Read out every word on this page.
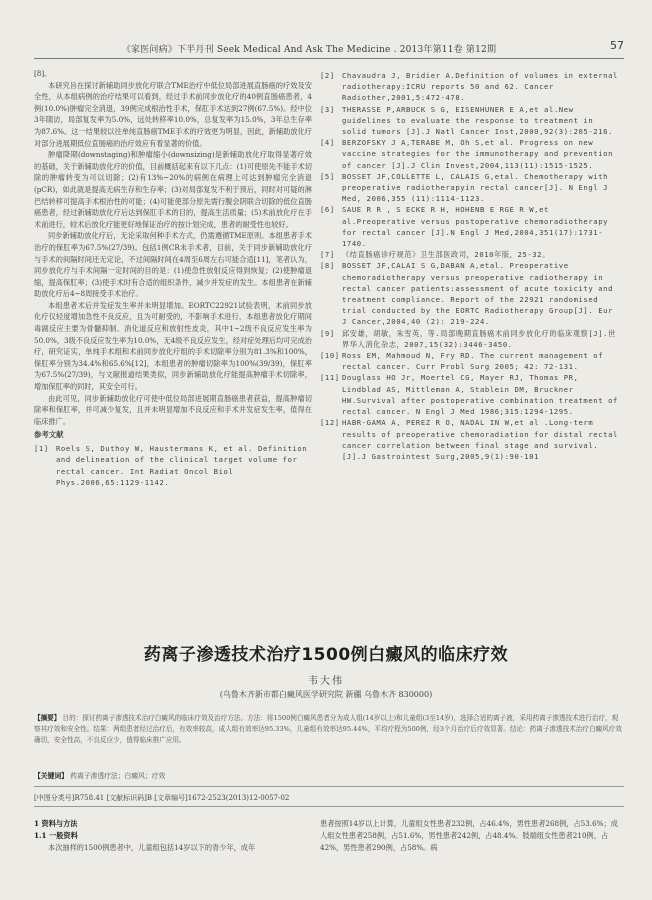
《家医问病》下半月刊 Seek Medical And Ask The Medicine . 2013年第11卷 第12期	57
[8]。
本研究旨在探讨新辅助同步放化疗联合TME治疗中低位局部进展直肠癌的疗效及安全性，从本组病例的治疗结果可以看到，经过手术前同步放化疗的40例直肠癌患者，4例(10.0%)肿瘤完全消退，39例完成根治性手术，保肛手术达到27例(67.5%)。经中位3年随访，局部复发率为5.0%，远处转移率10.0%，总复发率为15.0%，3年总生存率为87.6%。这一结果较以往单纯直肠癌TME手术的疗效更为明显，因此，新辅助放化疗对部分进展期低位直肠癌的治疗效应有着显著的价值。
肿瘤降期(downstaging)和肿瘤缩小(downsizing)是新辅助放化疗取得显著疗效的基础，关于新辅助放化疗的价值，目前概括起来有以下几点：(1)可使原先不能手术切除的肿瘤转变为可以切除；(2)有13%~20%的病例在病理上可达到肿瘤完全消退(pCR)，如此就是提高无病生存和生存率；(3)对局部复发不利于预后，同时对可疑的淋巴结转移可提高手术根治性的可能；(4)可能使部分原先需行腹会阴联合切除的低位直肠癌患者，经过新辅助放化疗后达到保肛手术的目的，提高生活质量；(5)术前放化疗在手术前进行，较术后放化疗能更好地保证治疗的按计划完成，患者的耐受性也较好。
同步新辅助放化疗后，无论采取何种手术方式，仍需遵循TME原则。本组患者手术治疗的保肛率为67.5%(27/39)。包括1例CR未手术者，目前，关于同步新辅助放化疗与手术的间隔时间还无定论，不过间隔时间在4周至6周左右可能合适[11]，笔者认为，同步放化疗与手术间隔一定时间的目的是：(1)使急性放射反应得到恢复；(2)使肿瘤退缩，提高保肛率；(3)使手术时有合适的组织条件，减少并发症的发生。本组患者在新辅助放化疗后4~8周接受手术治疗。
本组患者术后并发症发生率并未明显增加。EORTC22921试验表明，术前同步放化疗仅轻度增加急性不良反应，且为可耐受的，不影响手术进行，本组患者放化疗期间毒副反应主要为骨髓抑制、消化道反应和放射性皮炎，其中1~2级不良反应发生率为50.0%，3级不良反应发生率为10.0%，无4级不良反应发生，经对症处理后均可完成治疗，研究证实，单纯手术组和术前同步放化疗组的手术切除率分别为81.3%和100%，保肛率分别为34.4%和65.6%[12]，本组患者的肿瘤切除率为100%(39/39)，保肛率为67.5%(27/39)，与文献报道结果类似，同步新辅助放化疗能提高肿瘤手术切除率，增加保肛率的同时，其安全可行。
由此可见，同步新辅助放化疗可使中低位局部进展期直肠癌患者获益，提高肿瘤切除率和保肛率，并可减少复发，且并未明显增加不良反应和手术并发症发生率，值得在临床推广。
参考文献
[1]	Roels S, Duthoy W, Haustermans K, et al. Definition and delineation of the clinical target volume for rectal cancer. Int Radiat Oncol Biol Phys.2006,65:1129-1142.
[2]	Chavaudra J, Bridier A.Definition of volumes in external radiotherapy:ICRU reports 50 and 62. Cancer Radiother,2001,5:472-478.
[3]	THERASSE P,ARBUCK S G, EISENHUNER E A,et al.New guidelines to evaluate the response to treatment in solid tumors [J].J Natl Cancer Inst,2000,92(3):205-216.
[4]	BERZOFSKY J A,TERABE M, Oh S,et al. Progress on new vaccine strategies for the immunotherapy and prevention of cancer [J].J Clin Invest,2004,113(11):1515-1525.
[5]	BOSSET JF,COLLETTE L, CALAIS G,etal. Chemotherapy with preoperative radiotherapyin rectal cancer[J]. N Engl J Med, 2006,355 (11):1114-1123.
[6]	SAUE R R , S ECKE R H, HOHENB E RGE R W,et al.Preoperative versus postoperative chemoradiotherapy for rectal cancer [J].N Engl J Med,2004,351(17):1731-1740.
[7]	《结直肠癌诊疗规范》卫生部医政司，2010年版，25-32。
[8]	BOSSET JF,CALAI S G,DABAN A,etal. Preoperative chemoradiotherapy versus preoperative radiotherapy in rectal cancer patients:assessment of acute toxicity and treatment compliance. Report of the 22921 randomised trial conducted by the EORTC Radiotherapy Group[J]. Eur J Cancer,2004,40 (2): 219-224.
[9]	邱安雄，胡敏，朱雪英，等.局部晚期直肠癌术前同步放化疗的临床观察[J].世界华人消化杂志，2007,15(32):3446-3450.
[10] Ross EM, Mahmoud N, Fry RD. The current management of rectal cancer. Curr Probl Surg 2005; 42: 72-131.
[11] Douglass HO Jr, Moertel CG, Mayer RJ, Thomas PR, Lindblad AS, Mittleman A, Stablein DM, Bruckner HW.Survival after postoperative combination treatment of rectal cancer. N Engl J Med 1986;315:1294-1295.
[12] HABR-GAMA A, PEREZ R O, NADAL IN W,et al .Long-term results of preoperative chemoradiation for distal rectal cancer correlation between final stage and survival. [J].J Gastrointest Surg,2005,9(1):90-101
药离子渗透技术治疗1500例白癜风的临床疗效
韦大伟
(乌鲁木齐新市都白癜风医学研究院 新疆 乌鲁木齐 830000)
【摘要】 目的：探讨药离子渗透技术治疗白癜风的临床疗效及治疗方法。方法：将1500例白癜风患者分为成人组(14岁以上)和儿童组(3至14岁)，选择合适的离子液，采用药离子渗透技术进行治疗，观察其疗效和安全性。结果：两组患者经过治疗后，有效率较高，成人组有效率达95.33%，儿童组有效率达95.44%，平均疗程为500例，经3个月治疗后疗效显著。结论：药离子渗透技术治疗白癜风疗效确切，安全性高，不良反应少，值得临床推广应用。
【关键词】 药离子渗透疗法；白癜风；疗效
[中图分类号]R758.41 [文献标识码]B [文章编号]1672-2523(2013)12-0057-02
1 资料与方法
1.1 一般资料
本次抽样的1500例患者中，儿童组包括14岁以下的青少年，成年
患者按照14岁以上计算，儿童组女性患者232例，占46.4%，男性患者268例，占53.6%；成人组女性患者258例，占51.6%，男性患者242例，占48.4%。肢端组女性患者210例，占42%，男性患者290例，占58%。病
